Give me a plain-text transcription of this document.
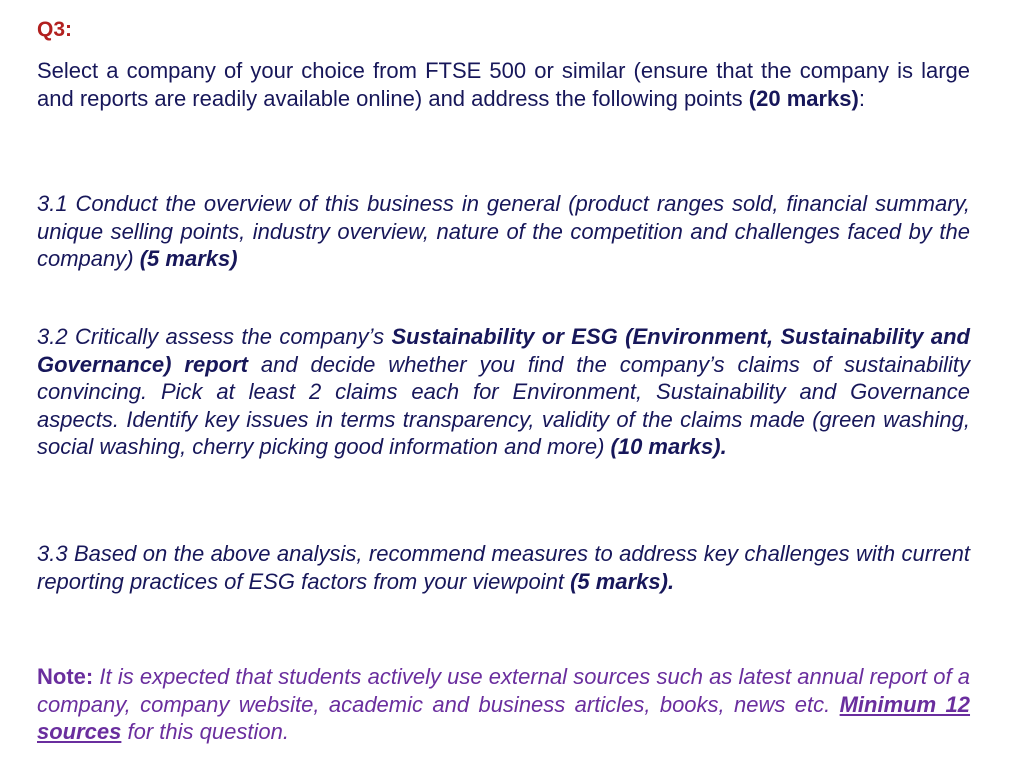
Q3:

Select a company of your choice from FTSE 500 or similar (ensure that the company is large and reports are readily available online) and address the following points (20 marks):

3.1 Conduct the overview of this business in general (product ranges sold, financial summary, unique selling points, industry overview, nature of the competition and challenges faced by the company) (5 marks)

3.2 Critically assess the company’s Sustainability or ESG (Environment, Sustainability and Governance) report and decide whether you find the company’s claims of sustainability convincing. Pick at least 2 claims each for Environment, Sustainability and Governance aspects. Identify key issues in terms transparency, validity of the claims made (green washing, social washing, cherry picking good information and more) (10 marks).

3.3 Based on the above analysis, recommend measures to address key challenges with current reporting practices of ESG factors from your viewpoint (5 marks).

Note: It is expected that students actively use external sources such as latest annual report of a company, company website, academic and business articles, books, news etc. Minimum 12 sources for this question.
